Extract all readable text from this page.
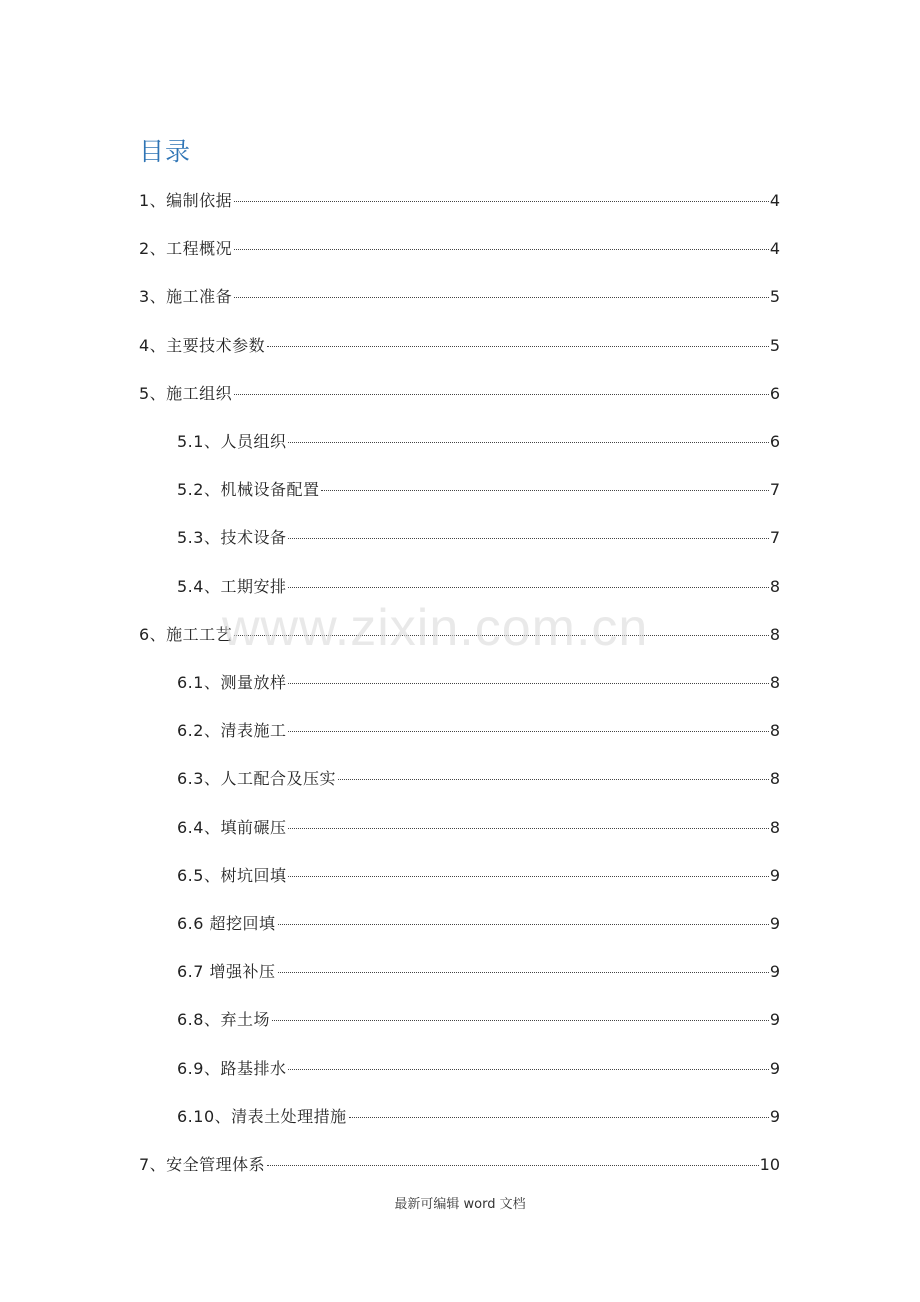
目录
1、编制依据	4
2、工程概况	4
3、施工准备	5
4、主要技术参数	5
5、施工组织	6
5.1、人员组织	6
5.2、机械设备配置	7
5.3、技术设备	7
5.4、工期安排	8
6、施工工艺	8
6.1、测量放样	8
6.2、清表施工	8
6.3、人工配合及压实	8
6.4、填前碾压	8
6.5、树坑回填	9
6.6 超挖回填	9
6.7 增强补压	9
6.8、弃土场	9
6.9、路基排水	9
6.10、清表土处理措施	9
7、安全管理体系	10
www.zixin.com.cn
最新可编辑 word 文档
